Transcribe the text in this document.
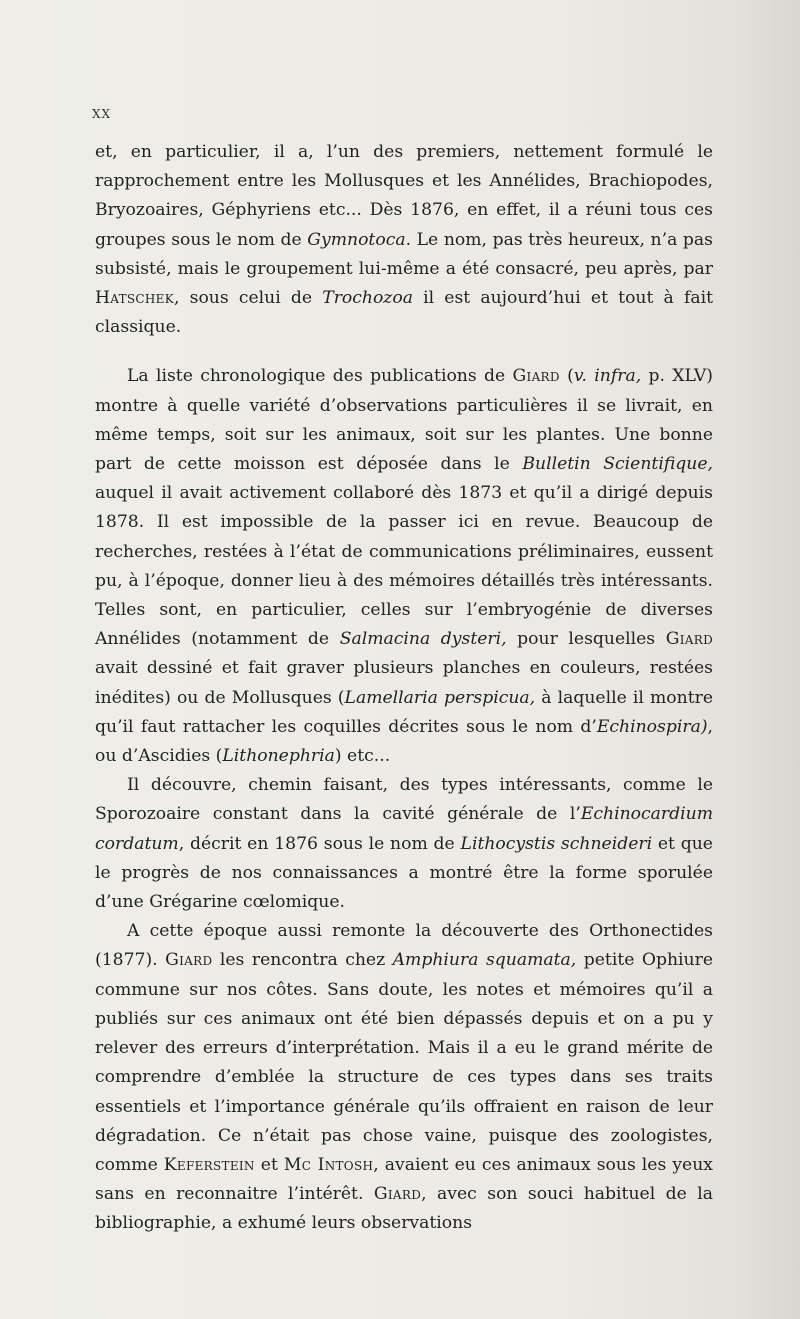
XX

et, en particulier, il a, l’un des premiers, nettement formulé le rapprochement entre les Mollusques et les Annélides, Brachiopodes, Bryozoaires, Géphyriens etc... Dès 1876, en effet, il a réuni tous ces groupes sous le nom de Gymnotoca. Le nom, pas très heureux, n’a pas subsisté, mais le groupement lui-même a été consacré, peu après, par Hatschek, sous celui de Trochozoa il est aujourd’hui et tout à fait classique.

La liste chronologique des publications de Giard (v. infra, p. XLV) montre à quelle variété d’observations particulières il se livrait, en même temps, soit sur les animaux, soit sur les plantes. Une bonne part de cette moisson est déposée dans le Bulletin Scientifique, auquel il avait activement collaboré dès 1873 et qu’il a dirigé depuis 1878. Il est impossible de la passer ici en revue. Beaucoup de recherches, restées à l’état de communications préliminaires, eussent pu, à l’époque, donner lieu à des mémoires détaillés très intéressants. Telles sont, en particulier, celles sur l’embryogénie de diverses Annélides (notamment de Salmacina dysteri, pour lesquelles Giard avait dessiné et fait graver plusieurs planches en couleurs, restées inédites) ou de Mollusques (Lamellaria perspicua, à laquelle il montre qu’il faut rattacher les coquilles décrites sous le nom d’Echinospira), ou d’Ascidies (Lithonephria) etc...

Il découvre, chemin faisant, des types intéressants, comme le Sporozoaire constant dans la cavité générale de l’Echinocardium cordatum, décrit en 1876 sous le nom de Lithocystis schneideri et que le progrès de nos connaissances a montré être la forme sporulée d’une Grégarine cœlomique.

A cette époque aussi remonte la découverte des Orthonectides (1877). Giard les rencontra chez Amphiura squamata, petite Ophiure commune sur nos côtes. Sans doute, les notes et mémoires qu’il a publiés sur ces animaux ont été bien dépassés depuis et on a pu y relever des erreurs d’interprétation. Mais il a eu le grand mérite de comprendre d’emblée la structure de ces types dans ses traits essentiels et l’importance générale qu’ils offraient en raison de leur dégradation. Ce n’était pas chose vaine, puisque des zoologistes, comme Keferstein et Mc Intosh, avaient eu ces animaux sous les yeux sans en reconnaitre l’intérêt. Giard, avec son souci habituel de la bibliographie, a exhumé leurs observations
